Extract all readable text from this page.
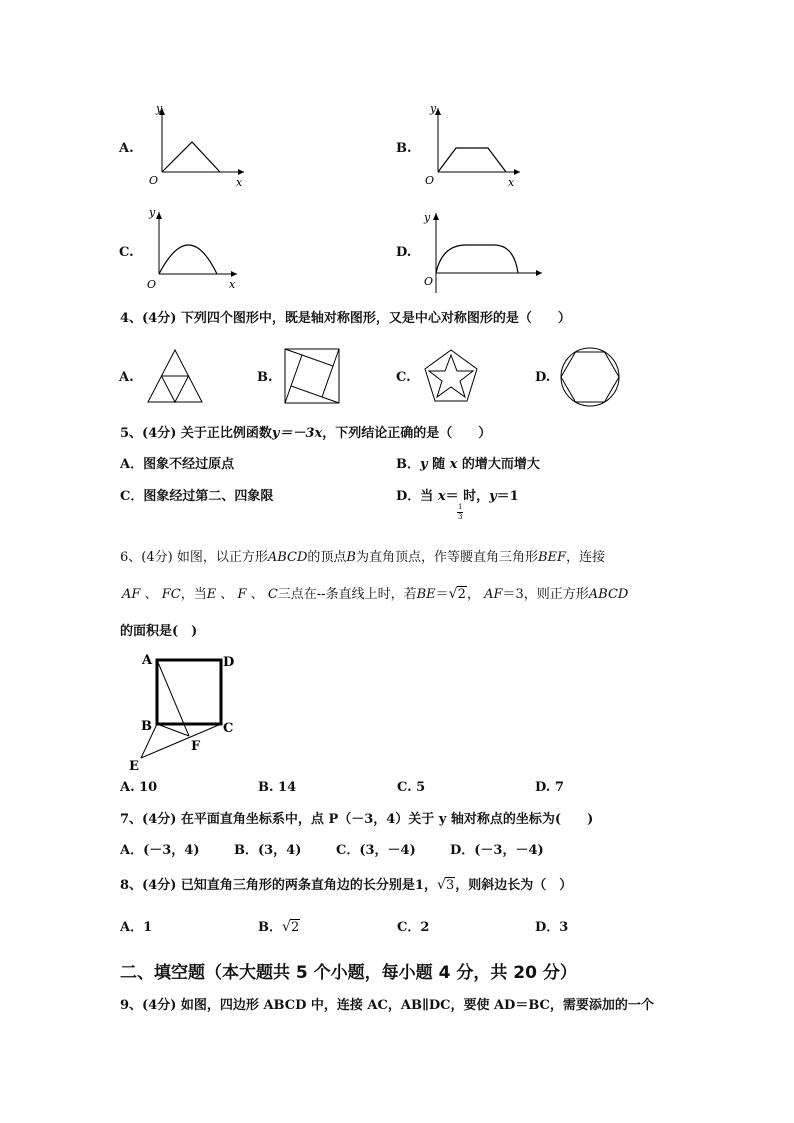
A.
y
x
O
B.
y
x
O
C.
y
x
O
D.
y
O
4、(4分) 下列四个图形中，既是轴对称图形，又是中心对称图形的是（　　）
A.	B.	C.	D.
5、(4分) 关于正比例函数y＝－3x，下列结论正确的是（　　）
A．图象不经过原点	B．y 随 x 的增大而增大
C．图象经过第二、四象限	D．当 x＝ 时，y＝1
1
3
6、(4分) 如图，以正方形ABCD的顶点B为直角顶点，作等腰直角三角形BEF，连接
AF 、 FC，当E 、 F 、 C三点在--条直线上时，若BE＝ √ 2， AF＝3，则正方形ABCD
的面积是(　)
A	D
B	C
F
E
A. 10	B. 14	C. 5	D. 7
7、(4分) 在平面直角坐标系中，点 P（－3，4）关于 y 轴对称点的坐标为(　　)
A．(－3，4)	B．(3，4)	C．(3，－4)	D．(－3，－4)
8、(4分) 已知直角三角形的两条直角边的长分别是1， √ 3，则斜边长为（　）
A．1	B． √ 2	C．2	D．3
二、填空题（本大题共 5 个小题，每小题 4 分，共 20 分）
9、(4分) 如图，四边形 ABCD 中，连接 AC，AB∥DC，要使 AD＝BC，需要添加的一个
